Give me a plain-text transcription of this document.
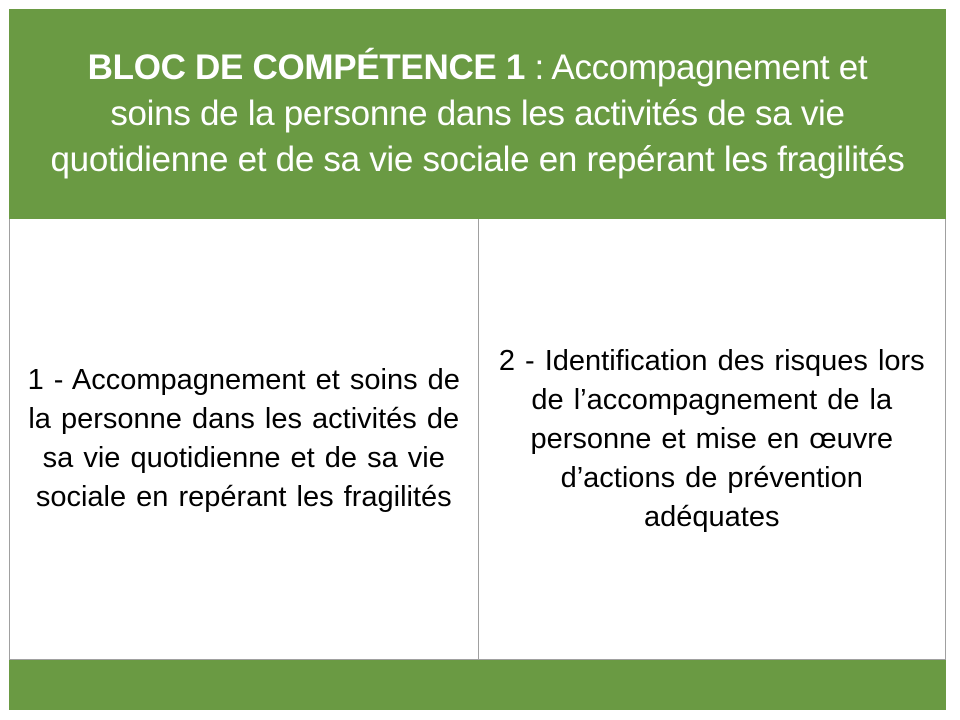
BLOC DE COMPÉTENCE 1 : Accompagnement et soins de la personne dans les activités de sa vie quotidienne et de sa vie sociale en repérant les fragilités
1 - Accompagnement et soins de la personne dans les activités de sa vie quotidienne et de sa vie sociale en repérant les fragilités
2 - Identification des risques lors de l’accompagnement de la personne et mise en œuvre d’actions de prévention adéquates
